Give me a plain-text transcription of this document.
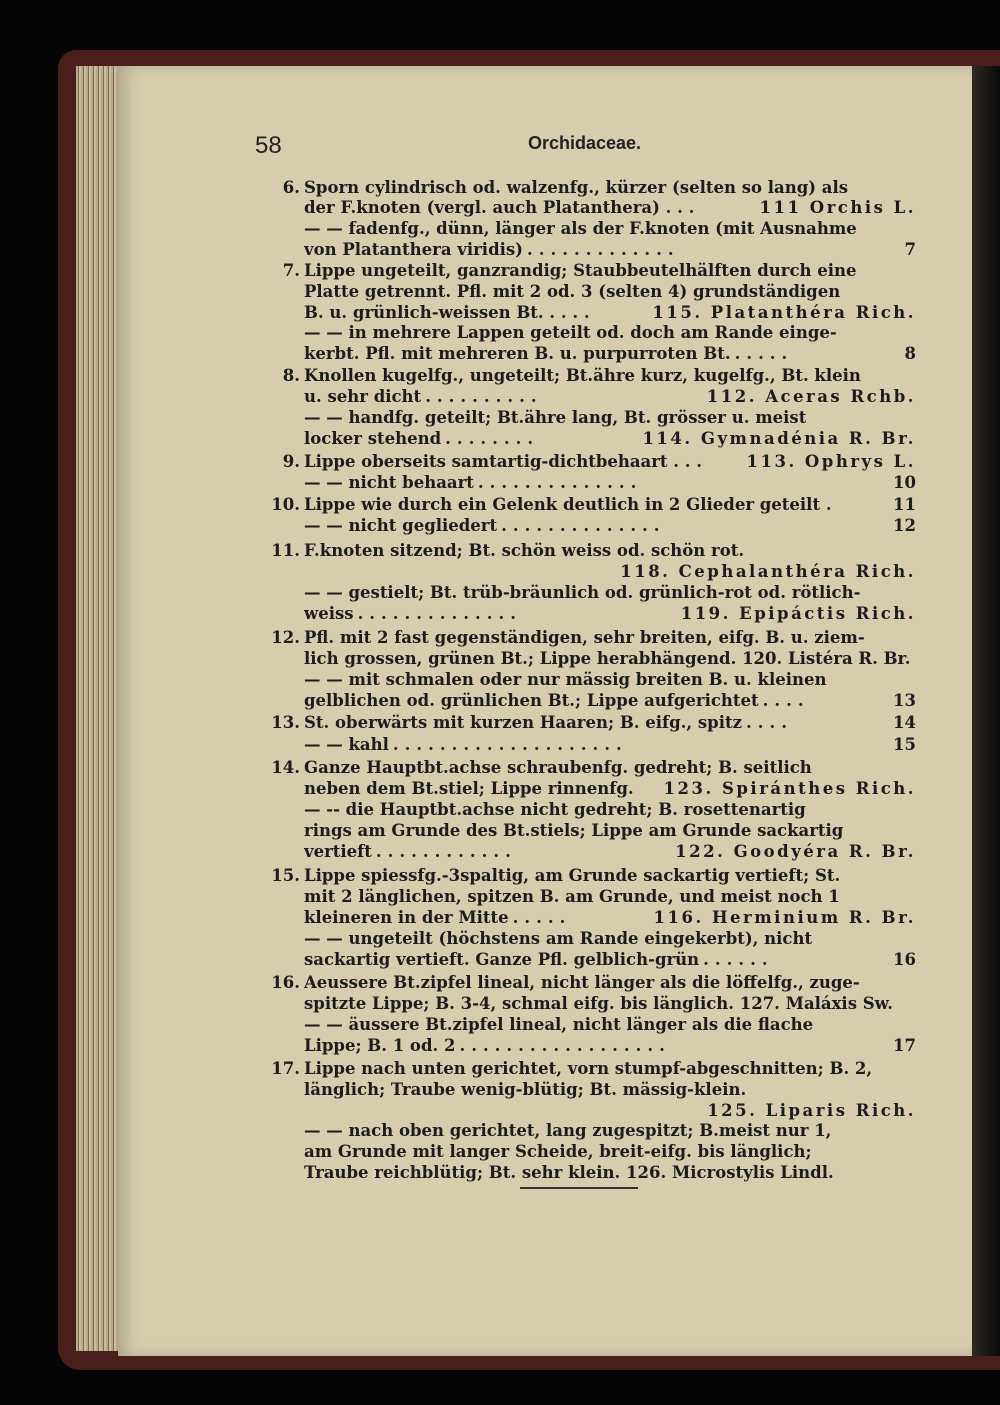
58	Orchidaceae.
6. Sporn cylindrisch od. walzenfg., kürzer (selten so lang) als
der F.knoten (vergl. auch Platanthera) . . .	111 Orchis L.
— — fadenfg., dünn, länger als der F.knoten (mit Ausnahme
von Platanthera viridis) .............	7
7. Lippe ungeteilt, ganzrandig; Staubbeutelhälften durch eine
Platte getrennt. Pfl. mit 2 od. 3 (selten 4) grundständigen
B. u. grünlich-weissen Bt. . . . .	115. Platanthéra Rich.
— — in mehrere Lappen geteilt od. doch am Rande einge-
kerbt. Pfl. mit mehreren B. u. purpurroten Bt. .....	8
8. Knollen kugelfg., ungeteilt; Bt.ähre kurz, kugelfg., Bt. klein
u. sehr dicht ..........	112. Aceras Rchb.
— — handfg. geteilt; Bt.ähre lang, Bt. grösser u. meist
locker stehend ........	114. Gymnadénia R. Br.
9. Lippe oberseits samtartig-dichtbehaart . . .	113. Ophrys L.
— — nicht behaart ..............	10
10. Lippe wie durch ein Gelenk deutlich in 2 Glieder geteilt .	11
— — nicht gegliedert ..............	12
11. F.knoten sitzend; Bt. schön weiss od. schön rot.
118. Cephalanthéra Rich.
— — gestielt; Bt. trüb-bräunlich od. grünlich-rot od. rötlich-
weiss ..............	119. Epipáctis Rich.
12. Pfl. mit 2 fast gegenständigen, sehr breiten, eifg. B. u. ziem-
lich grossen, grünen Bt.; Lippe herabhängend. 120. Listéra R. Br.
— — mit schmalen oder nur mässig breiten B. u. kleinen
gelblichen od. grünlichen Bt.; Lippe aufgerichtet ....	13
13. St. oberwärts mit kurzen Haaren; B. eifg., spitz ....	14
— — kahl ....................	15
14. Ganze Hauptbt.achse schraubenfg. gedreht; B. seitlich
neben dem Bt.stiel; Lippe rinnenfg. 123. Spiránthes Rich.
— -- die Hauptbt.achse nicht gedreht; B. rosettenartig
rings am Grunde des Bt.stiels; Lippe am Grunde sackartig
vertieft ............	122. Goodyéra R. Br.
15. Lippe spiessfg.-3spaltig, am Grunde sackartig vertieft; St.
mit 2 länglichen, spitzen B. am Grunde, und meist noch 1
kleineren in der Mitte .....	116. Herminium R. Br.
— — ungeteilt (höchstens am Rande eingekerbt), nicht
sackartig vertieft. Ganze Pfl. gelblich-grün ......	16
16. Aeussere Bt.zipfel lineal, nicht länger als die löffelfg., zuge-
spitzte Lippe; B. 3-4, schmal eifg. bis länglich. 127. Maláxis Sw.
— — äussere Bt.zipfel lineal, nicht länger als die flache
Lippe; B. 1 od. 2 ..................	17
17. Lippe nach unten gerichtet, vorn stumpf-abgeschnitten; B. 2,
länglich; Traube wenig-blütig; Bt. mässig-klein.
125. Liparis Rich.
— — nach oben gerichtet, lang zugespitzt; B.meist nur 1,
am Grunde mit langer Scheide, breit-eifg. bis länglich;
Traube reichblütig; Bt. sehr klein. 126. Microstylis Lindl.
